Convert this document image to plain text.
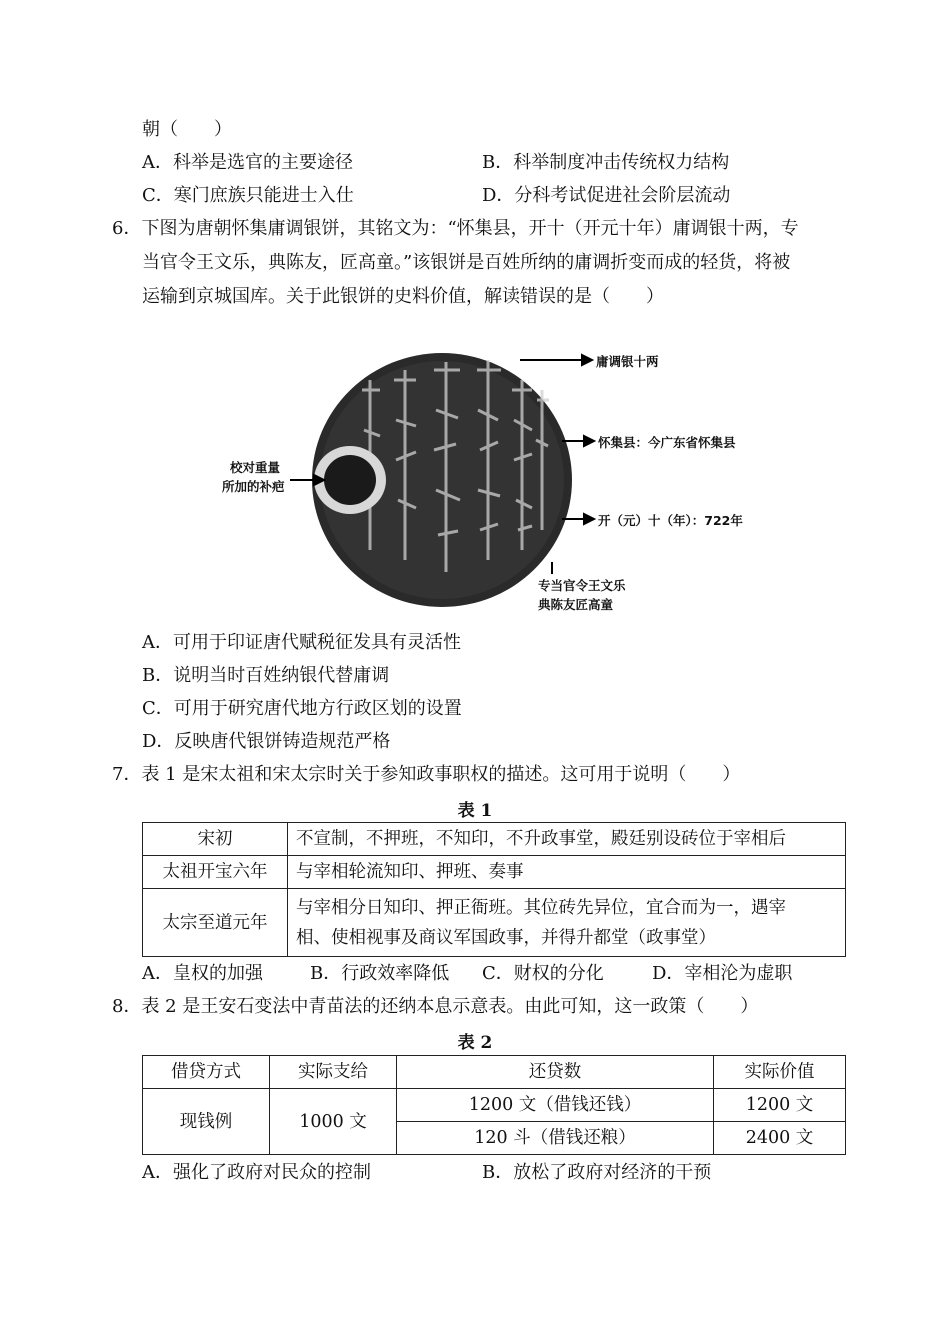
朝（　　）
A．科举是选官的主要途径	B．科举制度冲击传统权力结构
C．寒门庶族只能进士入仕	D．分科考试促进社会阶层流动
6．下图为唐朝怀集庸调银饼，其铭文为：“怀集县，开十（开元十年）庸调银十两，专
当官令王文乐，典陈友，匠高童。”该银饼是百姓所纳的庸调折变而成的轻货，将被
运输到京城国库。关于此银饼的史料价值，解读错误的是（　　）
庸调银十两
怀集县：今广东省怀集县
开（元）十（年）：722年
专当官令王文乐
典陈友匠高童
校对重量
所加的补疤
A．可用于印证唐代赋税征发具有灵活性
B．说明当时百姓纳银代替庸调
C．可用于研究唐代地方行政区划的设置
D．反映唐代银饼铸造规范严格
7．表 1 是宋太祖和宋太宗时关于参知政事职权的描述。这可用于说明（　　）
表 1
宋初	不宣制，不押班，不知印，不升政事堂，殿廷别设砖位于宰相后
太祖开宝六年	与宰相轮流知印、押班、奏事
太宗至道元年	与宰相分日知印、押正衙班。其位砖先异位，宜合而为一，遇宰
相、使相视事及商议军国政事，并得升都堂（政事堂）
A．皇权的加强	B．行政效率降低 C．财权的分化	D．宰相沦为虚职
8．表 2 是王安石变法中青苗法的还纳本息示意表。由此可知，这一政策（　　）
表 2
借贷方式	实际支给	还贷数	实际价值
现钱例	1000 文	1200 文（借钱还钱）	1200 文
		120 斗（借钱还粮）	2400 文
A．强化了政府对民众的控制	B．放松了政府对经济的干预
